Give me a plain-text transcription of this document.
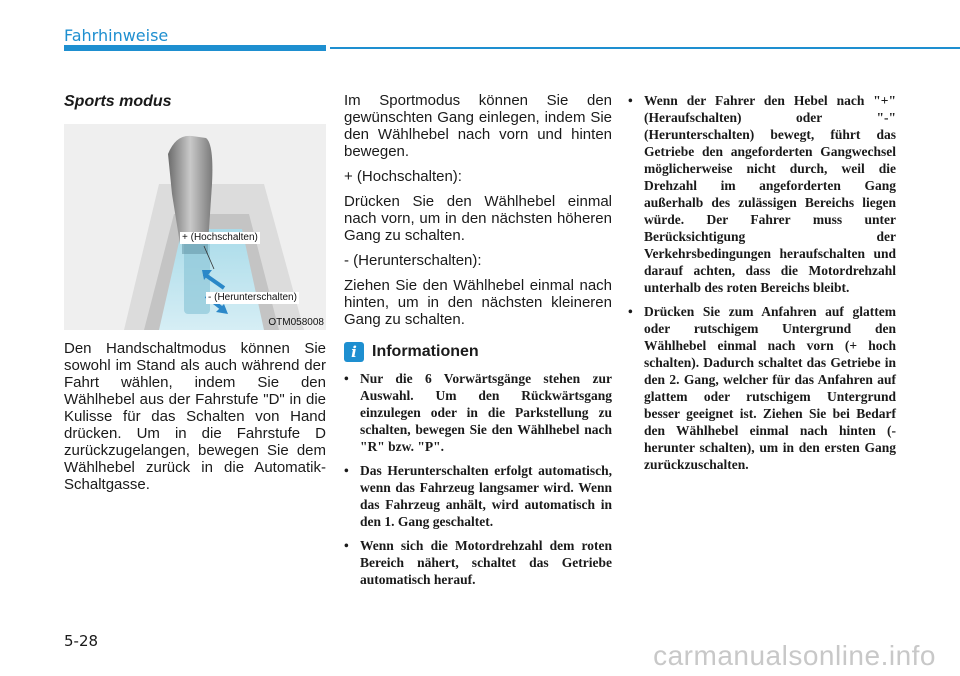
Fahrhinweise
Sports modus
+ (Hochschalten)
- (Herunterschalten)
OTM058008

Den Handschaltmodus können Sie sowohl im Stand als auch während der Fahrt wählen, indem Sie den Wählhebel aus der Fahrstufe "D" in die Kulisse für das Schalten von Hand drücken. Um in die Fahrstufe D zurückzugelangen, bewegen Sie dem Wählhebel zurück in die Automatik-Schaltgasse.

Im Sportmodus können Sie den gewünschten Gang einlegen, indem Sie den Wählhebel nach vorn und hinten bewegen.

+ (Hochschalten):

Drücken Sie den Wählhebel einmal nach vorn, um in den nächsten höheren Gang zu schalten.

- (Herunterschalten):

Ziehen Sie den Wählhebel einmal nach hinten, um in den nächsten kleineren Gang zu schalten.

i Informationen
• Nur die 6 Vorwärtsgänge stehen zur Auswahl. Um den Rückwärtsgang einzulegen oder in die Parkstellung zu schalten, bewegen Sie den Wählhebel nach "R" bzw. "P".
• Das Herunterschalten erfolgt automatisch, wenn das Fahrzeug langsamer wird. Wenn das Fahrzeug anhält, wird automatisch in den 1. Gang geschaltet.
• Wenn sich die Motordrehzahl dem roten Bereich nähert, schaltet das Getriebe automatisch herauf.
• Wenn der Fahrer den Hebel nach "+" (Heraufschalten) oder "-" (Herunterschalten) bewegt, führt das Getriebe den angeforderten Gangwechsel möglicherweise nicht durch, weil die Drehzahl im angeforderten Gang außerhalb des zulässigen Bereichs liegen würde. Der Fahrer muss unter Berücksichtigung der Verkehrsbedingungen heraufschalten und darauf achten, dass die Motordrehzahl unterhalb des roten Bereichs bleibt.
• Drücken Sie zum Anfahren auf glattem oder rutschigem Untergrund den Wählhebel einmal nach vorn (+ hoch schalten). Dadurch schaltet das Getriebe in den 2. Gang, welcher für das Anfahren auf glattem oder rutschigem Untergrund besser geeignet ist. Ziehen Sie bei Bedarf den Wählhebel einmal nach hinten (- herunter schalten), um in den ersten Gang zurückzuschalten.
5-28	carmanualsonline.info
